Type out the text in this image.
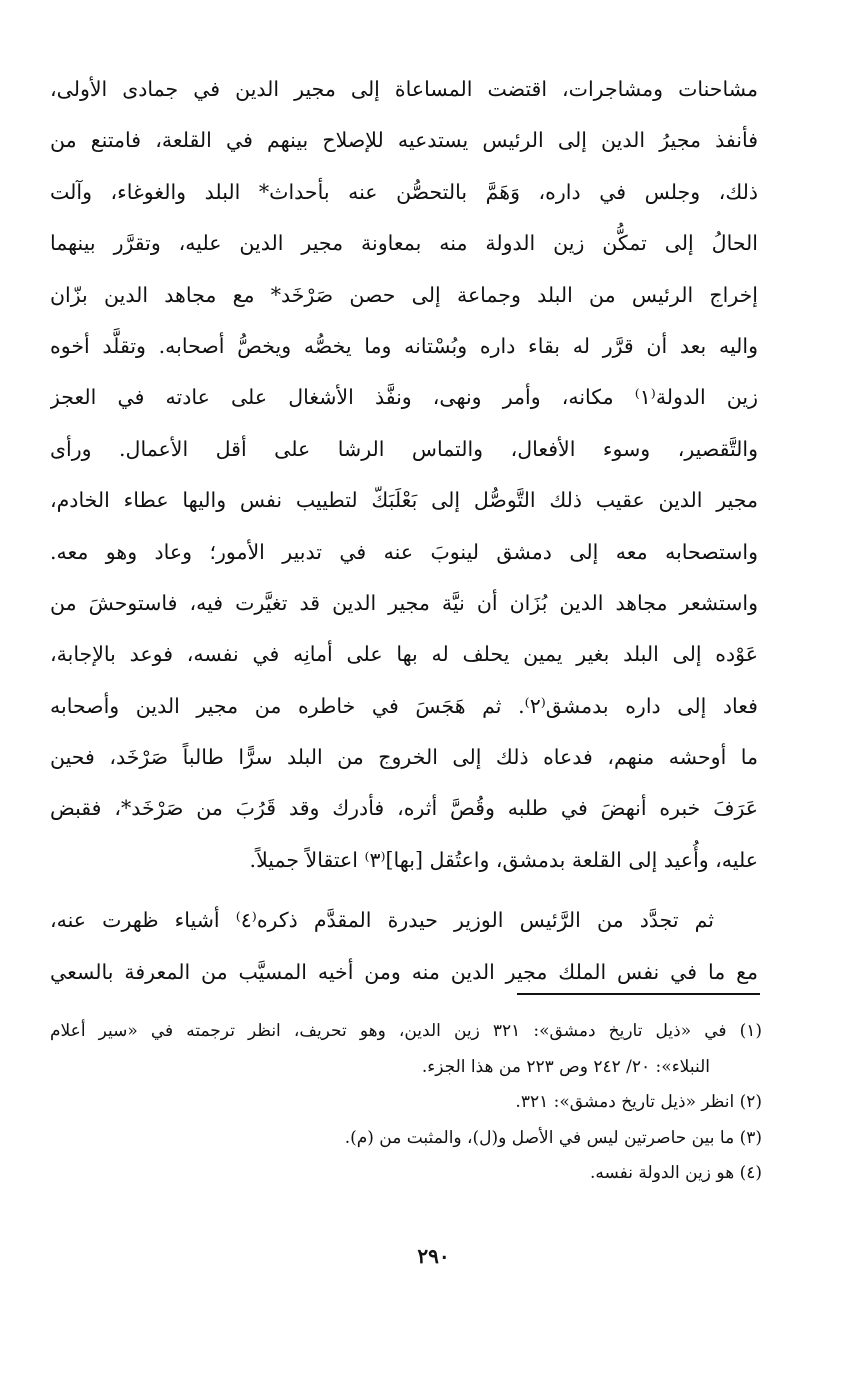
مشاحنات ومشاجرات، اقتضت المساعاة إلى مجير الدين في جمادى الأولى،
فأنفذ مجيرُ الدين إلى الرئيس يستدعيه للإصلاح بينهم في القلعة، فامتنع من
ذلك، وجلس في داره، وَهَمَّ بالتحصُّن عنه بأحداث* البلد والغوغاء، وآلت
الحالُ إلى تمكُّن زين الدولة منه بمعاونة مجير الدين عليه، وتقرَّر بينهما
إخراج الرئيس من البلد وجماعة إلى حصن صَرْخَد* مع مجاهد الدين بزّان
واليه بعد أن قرَّر له بقاء داره وبُسْتانه وما يخصُّه ويخصُّ أصحابه. وتقلَّد أخوه
زين الدولة⁽١⁾ مكانه، وأمر ونهى، ونفَّذ الأشغال على عادته في العجز
والتَّقصير، وسوء الأفعال، والتماس الرشا على أقل الأعمال. ورأى
مجير الدين عقيب ذلك التَّوصُّل إلى بَعْلَبَكّ لتطييب نفس واليها عطاء الخادم،
واستصحابه معه إلى دمشق لينوبَ عنه في تدبير الأمور؛ وعاد وهو معه.
واستشعر مجاهد الدين بُزَان أن نيَّة مجير الدين قد تغيَّرت فيه، فاستوحشَ من
عَوْده إلى البلد بغير يمين يحلف له بها على أمانِه في نفسه، فوعد بالإجابة،
فعاد إلى داره بدمشق⁽٢⁾. ثم هَجَسَ في خاطره من مجير الدين وأصحابه
ما أوحشه منهم، فدعاه ذلك إلى الخروج من البلد سرًّا طالباً صَرْخَد، فحين
عَرَفَ خبره أنهضَ في طلبه وقُصَّ أثره، فأدرك وقد قَرُبَ من صَرْخَد*، فقبض
عليه، وأُعيد إلى القلعة بدمشق، واعتُقل [بها]⁽٣⁾ اعتقالاً جميلاً.
ثم تجدَّد من الرَّئيس الوزير حيدرة المقدَّم ذكره⁽٤⁾ أشياء ظهرت عنه،
مع ما في نفس الملك مجير الدين منه ومن أخيه المسيَّب من المعرفة بالسعي
(١) في «ذيل تاريخ دمشق»: ٣٢١ زين الدين، وهو تحريف، انظر ترجمته في «سير أعلام
النبلاء»: ٢٠/ ٢٤٢ وص ٢٢٣ من هذا الجزء.
(٢) انظر «ذيل تاريخ دمشق»: ٣٢١.
(٣) ما بين حاصرتين ليس في الأصل و(ل)، والمثبت من (م).
(٤) هو زين الدولة نفسه.
٢٩٠
